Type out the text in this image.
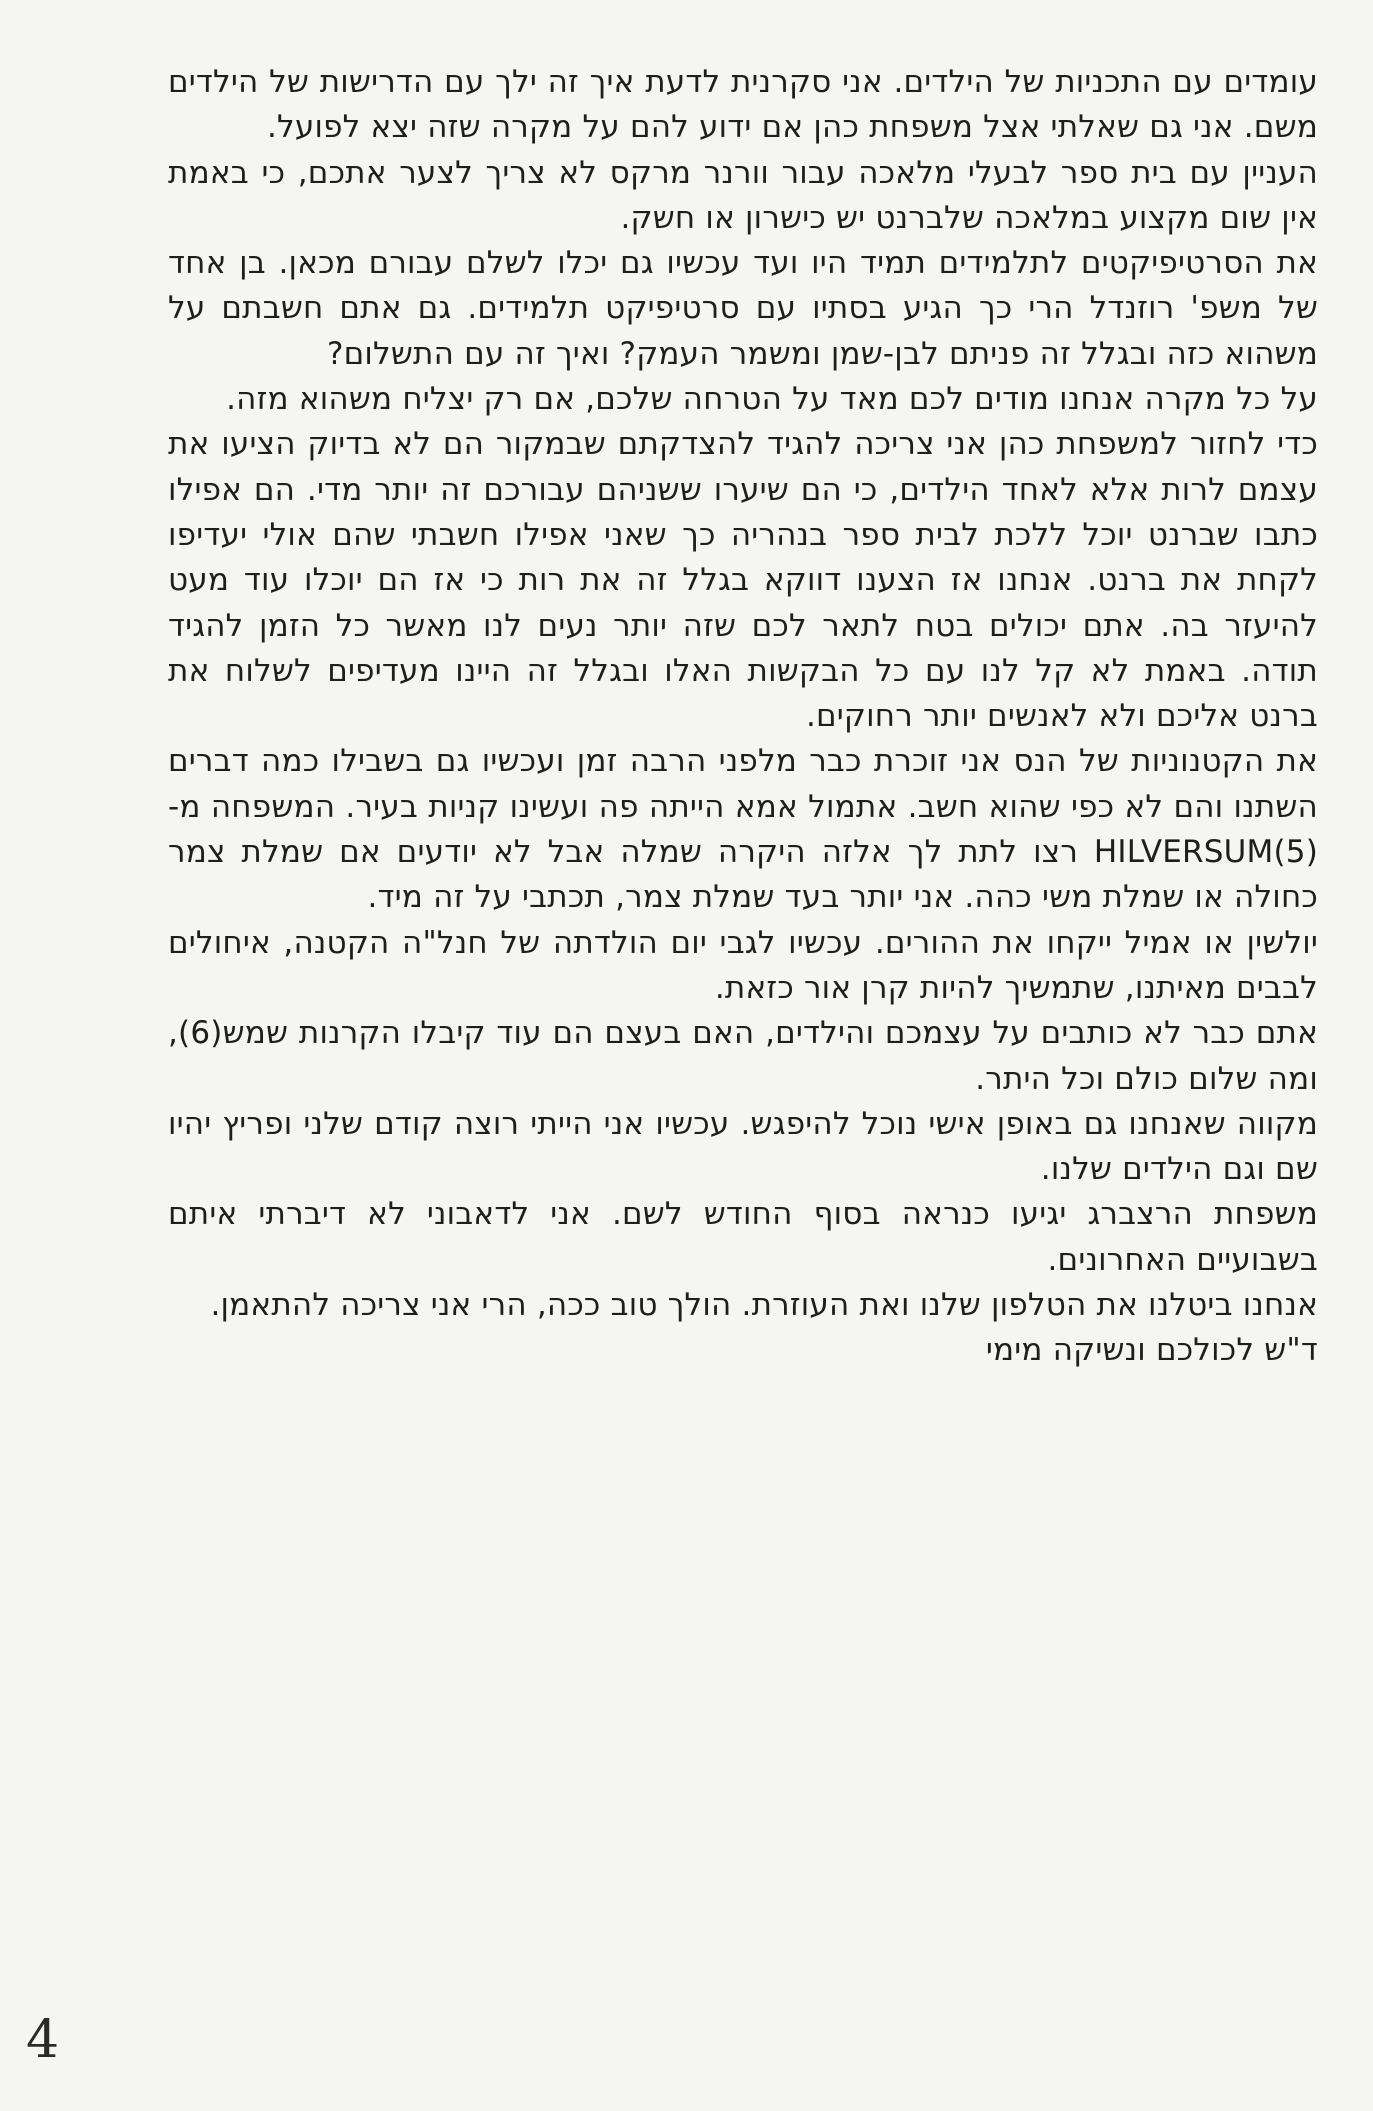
עומדים עם התכניות של הילדים. אני סקרנית לדעת איך זה ילך עם הדרישות של הילדים משם. אני גם שאלתי אצל משפחת כהן אם ידוע להם על מקרה שזה יצא לפועל.

העניין עם בית ספר לבעלי מלאכה עבור וורנר מרקס לא צריך לצער אתכם, כי באמת אין שום מקצוע במלאכה שלברנט יש כישרון או חשק.

את הסרטיפיקטים לתלמידים תמיד היו ועד עכשיו גם יכלו לשלם עבורם מכאן. בן אחד של משפ' רוזנדל הרי כך הגיע בסתיו עם סרטיפיקט תלמידים. גם אתם חשבתם על משהוא כזה ובגלל זה פניתם לבן-שמן ומשמר העמק? ואיך זה עם התשלום?

על כל מקרה אנחנו מודים לכם מאד על הטרחה שלכם, אם רק יצליח משהוא מזה.

כדי לחזור למשפחת כהן אני צריכה להגיד להצדקתם שבמקור הם לא בדיוק הציעו את עצמם לרות אלא לאחד הילדים, כי הם שיערו ששניהם עבורכם זה יותר מדי. הם אפילו כתבו שברנט יוכל ללכת לבית ספר בנהריה כך שאני אפילו חשבתי שהם אולי יעדיפו לקחת את ברנט. אנחנו אז הצענו דווקא בגלל זה את רות כי אז הם יוכלו עוד מעט להיעזר בה. אתם יכולים בטח לתאר לכם שזה יותר נעים לנו מאשר כל הזמן להגיד תודה. באמת לא קל לנו עם כל הבקשות האלו ובגלל זה היינו מעדיפים לשלוח את ברנט אליכם ולא לאנשים יותר רחוקים.

את הקטנוניות של הנס אני זוכרת כבר מלפני הרבה זמן ועכשיו גם בשבילו כמה דברים השתנו והם לא כפי שהוא חשב. אתמול אמא הייתה פה ועשינו קניות בעיר. המשפחה מ-HILVERSUM(5) רצו לתת לך אלזה היקרה שמלה אבל לא יודעים אם שמלת צמר כחולה או שמלת משי כהה. אני יותר בעד שמלת צמר, תכתבי על זה מיד.

יולשין או אמיל ייקחו את ההורים. עכשיו לגבי יום הולדתה של חנל"ה הקטנה, איחולים לבבים מאיתנו, שתמשיך להיות קרן אור כזאת.

אתם כבר לא כותבים על עצמכם והילדים, האם בעצם הם עוד קיבלו הקרנות שמש(6), ומה שלום כולם וכל היתר.

מקווה שאנחנו גם באופן אישי נוכל להיפגש. עכשיו אני הייתי רוצה קודם שלני ופריץ יהיו שם וגם הילדים שלנו.

משפחת הרצברג יגיעו כנראה בסוף החודש לשם. אני לדאבוני לא דיברתי איתם בשבועיים האחרונים.

אנחנו ביטלנו את הטלפון שלנו ואת העוזרת. הולך טוב ככה, הרי אני צריכה להתאמן.

ד"ש לכולכם ונשיקה מימי

4
